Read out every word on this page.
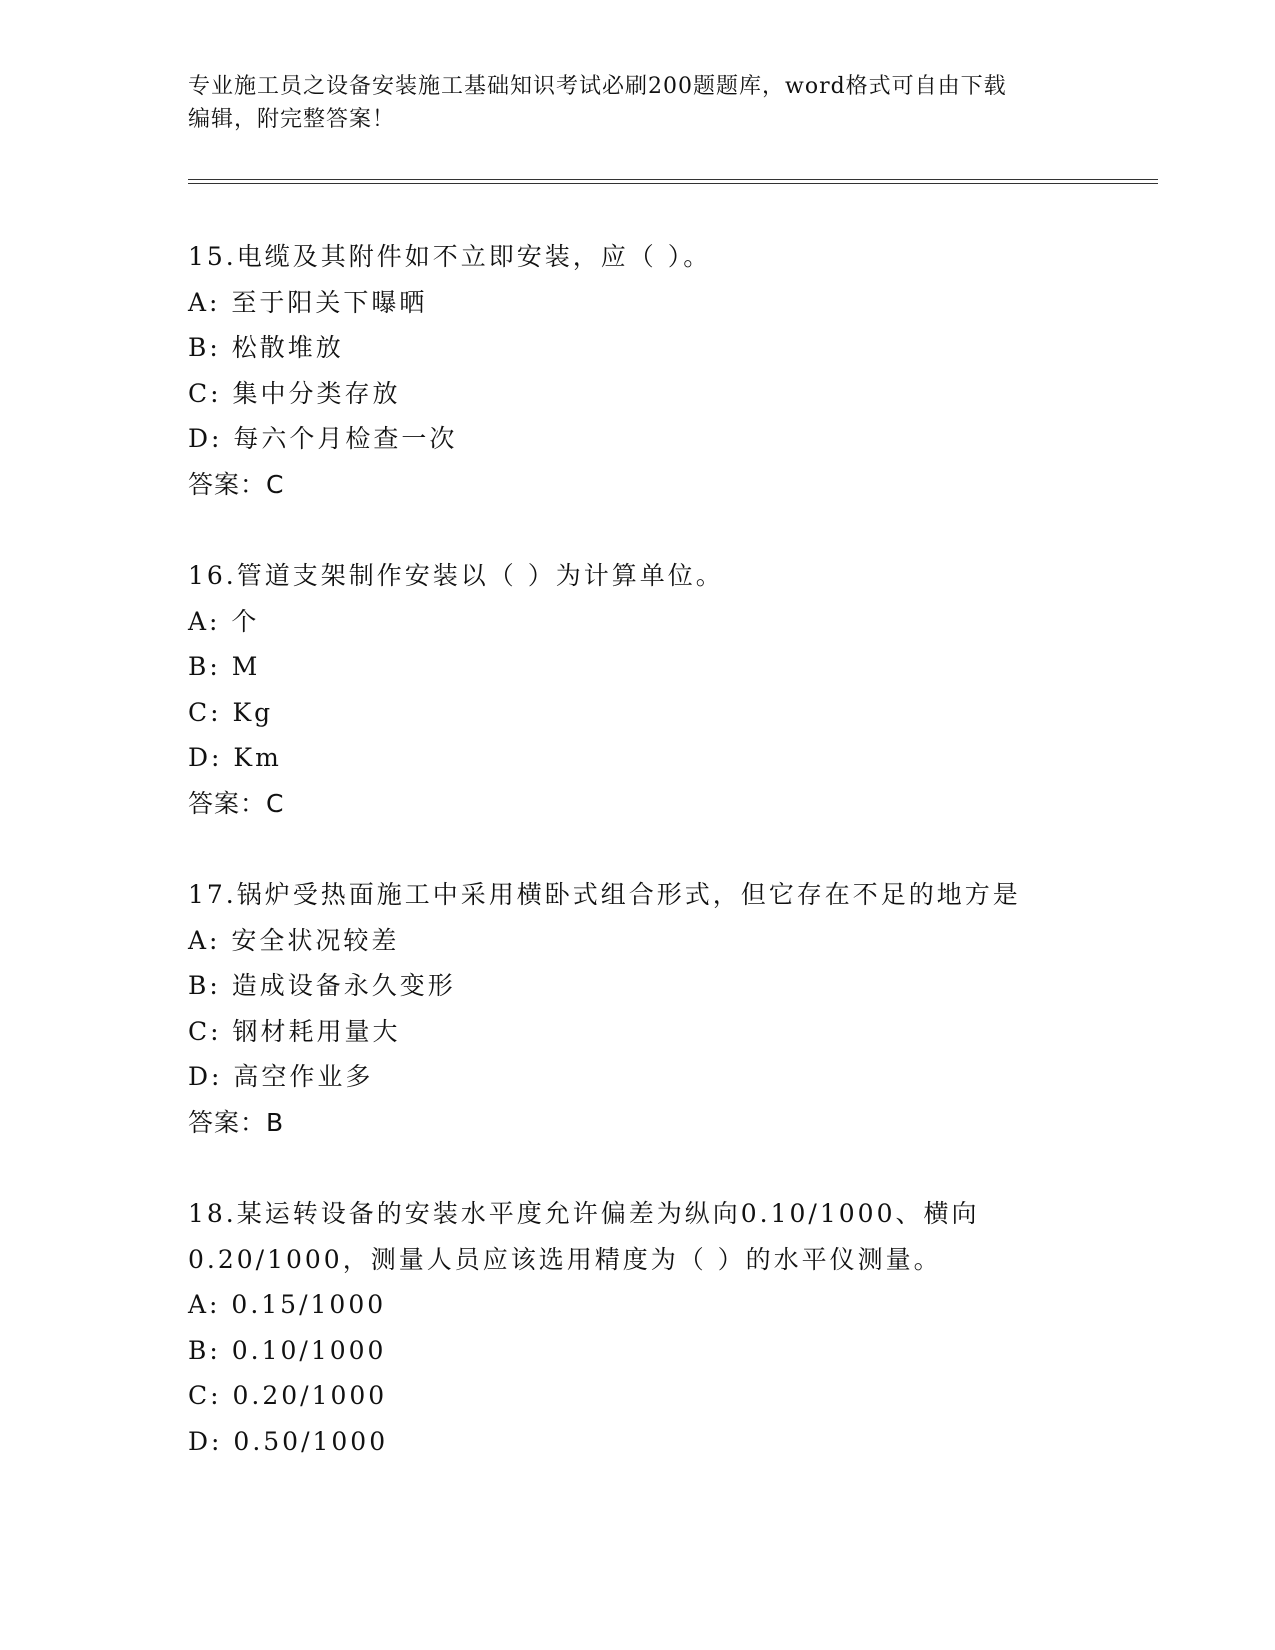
专业施工员之设备安装施工基础知识考试必刷200题题库，word格式可自由下载
编辑，附完整答案！
15.电缆及其附件如不立即安装，应（ ）。
A: 至于阳关下曝晒
B: 松散堆放
C: 集中分类存放
D: 每六个月检查一次
答案：C
16.管道支架制作安装以（ ）为计算单位。
A: 个
B: M
C: Kg
D: Km
答案：C
17.锅炉受热面施工中采用横卧式组合形式，但它存在不足的地方是
A: 安全状况较差
B: 造成设备永久变形
C: 钢材耗用量大
D: 高空作业多
答案：B
18.某运转设备的安装水平度允许偏差为纵向0.10/1000、横向
0.20/1000，测量人员应该选用精度为（ ）的水平仪测量。
A: 0.15/1000
B: 0.10/1000
C: 0.20/1000
D: 0.50/1000
